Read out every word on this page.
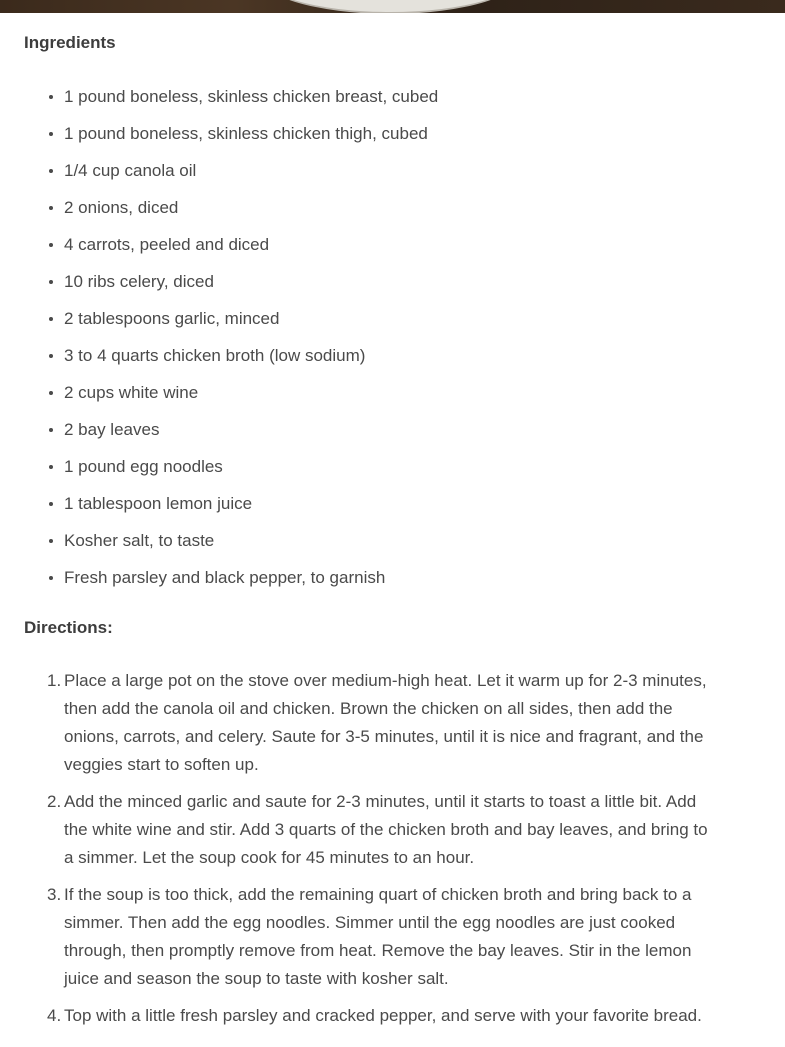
Ingredients
1 pound boneless, skinless chicken breast, cubed
1 pound boneless, skinless chicken thigh, cubed
1/4 cup canola oil
2 onions, diced
4 carrots, peeled and diced
10 ribs celery, diced
2 tablespoons garlic, minced
3 to 4 quarts chicken broth (low sodium)
2 cups white wine
2 bay leaves
1 pound egg noodles
1 tablespoon lemon juice
Kosher salt, to taste
Fresh parsley and black pepper, to garnish
Directions:
1. Place a large pot on the stove over medium-high heat. Let it warm up for 2-3 minutes, then add the canola oil and chicken. Brown the chicken on all sides, then add the onions, carrots, and celery. Saute for 3-5 minutes, until it is nice and fragrant, and the veggies start to soften up.
2. Add the minced garlic and saute for 2-3 minutes, until it starts to toast a little bit. Add the white wine and stir. Add 3 quarts of the chicken broth and bay leaves, and bring to a simmer. Let the soup cook for 45 minutes to an hour.
3. If the soup is too thick, add the remaining quart of chicken broth and bring back to a simmer. Then add the egg noodles. Simmer until the egg noodles are just cooked through, then promptly remove from heat. Remove the bay leaves. Stir in the lemon juice and season the soup to taste with kosher salt.
4. Top with a little fresh parsley and cracked pepper, and serve with your favorite bread.
